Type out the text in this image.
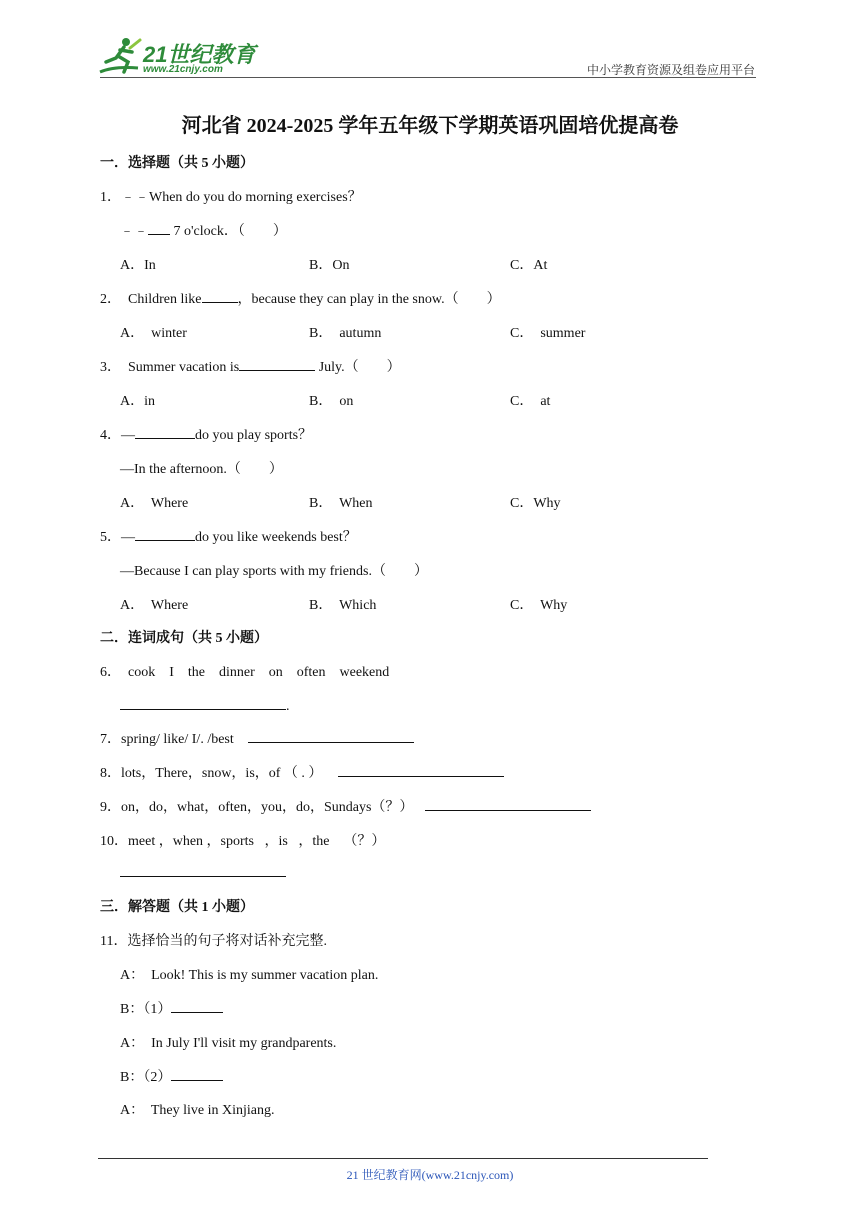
21世纪教育
www.21cnjy.com	中小学教育资源及组卷应用平台
河北省 2024-2025 学年五年级下学期英语巩固培优提高卷
一．选择题（共 5 小题）
1．﹣﹣When do you do morning exercises？
﹣﹣ 7 o'clock．（　　）
A．In	B．On	C．At
2．  Children like	，because they can play in the snow.（　　）
A．  winter	B．  autumn	C．  summer
3．  Summer vacation is	July.（　　）
A．in	B．  on	C．  at
4．—	do you play sports？
—In the afternoon.（　　）
A．  Where	B．  When	C．Why
5．—	do you like weekends best？
—Because I can play sports with my friends.（　　）
A．  Where	B．  Which	C．  Why
二．连词成句（共 5 小题）
6．  cook    I    the    dinner    on    often    weekend
.
7．spring/ like/ I/. /best
8．lots，There，snow，is，of （ . ）
9．on，do，what，often，you，do，Sundays（？）
10．meet ，when ，sports   ，is   ，the    （？）
三．解答题（共 1 小题）
11．选择恰当的句子将对话补充完整.
A：  Look! This is my summer vacation plan.
B：（1）
A：  In July I'll visit my grandparents.
B：（2）
A：  They live in Xinjiang.
21 世纪教育网(www.21cnjy.com)
